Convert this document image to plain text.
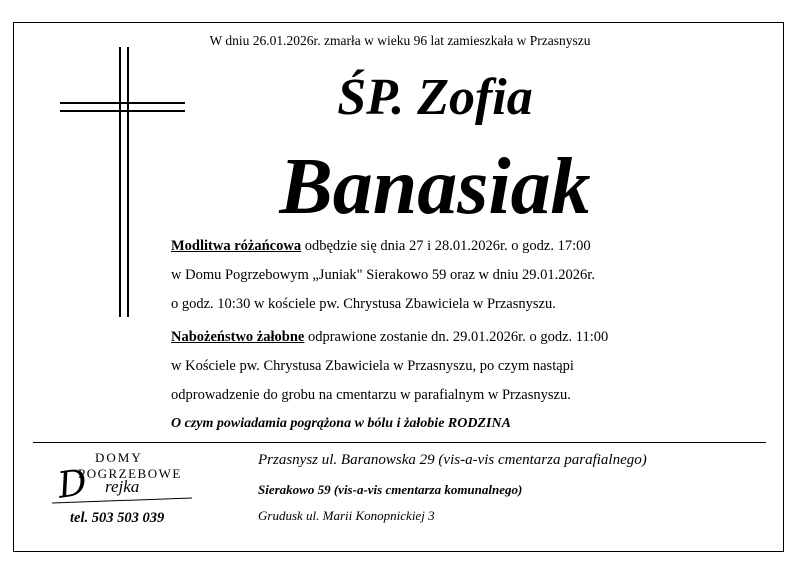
W dniu 26.01.2026r. zmarła w wieku 96 lat zamieszkała w Przasnyszu
ŚP. Zofia
Banasiak

Modlitwa różańcowa odbędzie się dnia 27 i 28.01.2026r. o godz. 17:00

w Domu Pogrzebowym „Juniak" Sierakowo 59 oraz w dniu 29.01.2026r.

o godz. 10:30 w kościele pw. Chrystusa Zbawiciela w Przasnyszu.

Nabożeństwo żałobne odprawione zostanie dn. 29.01.2026r. o godz. 11:00

w Kościele pw. Chrystusa Zbawiciela w Przasnyszu, po czym nastąpi

odprowadzenie do grobu na cmentarzu w parafialnym w Przasnyszu.

O czym powiadamia pogrążona w bólu i żałobie RODZINA
DOMY
POGRZEBOWE
D rejka
tel. 503 503 039
Przasnysz ul. Baranowska 29 (vis-a-vis cmentarza parafialnego)
Sierakowo 59 (vis-a-vis cmentarza komunalnego)
Grudusk ul. Marii Konopnickiej 3
